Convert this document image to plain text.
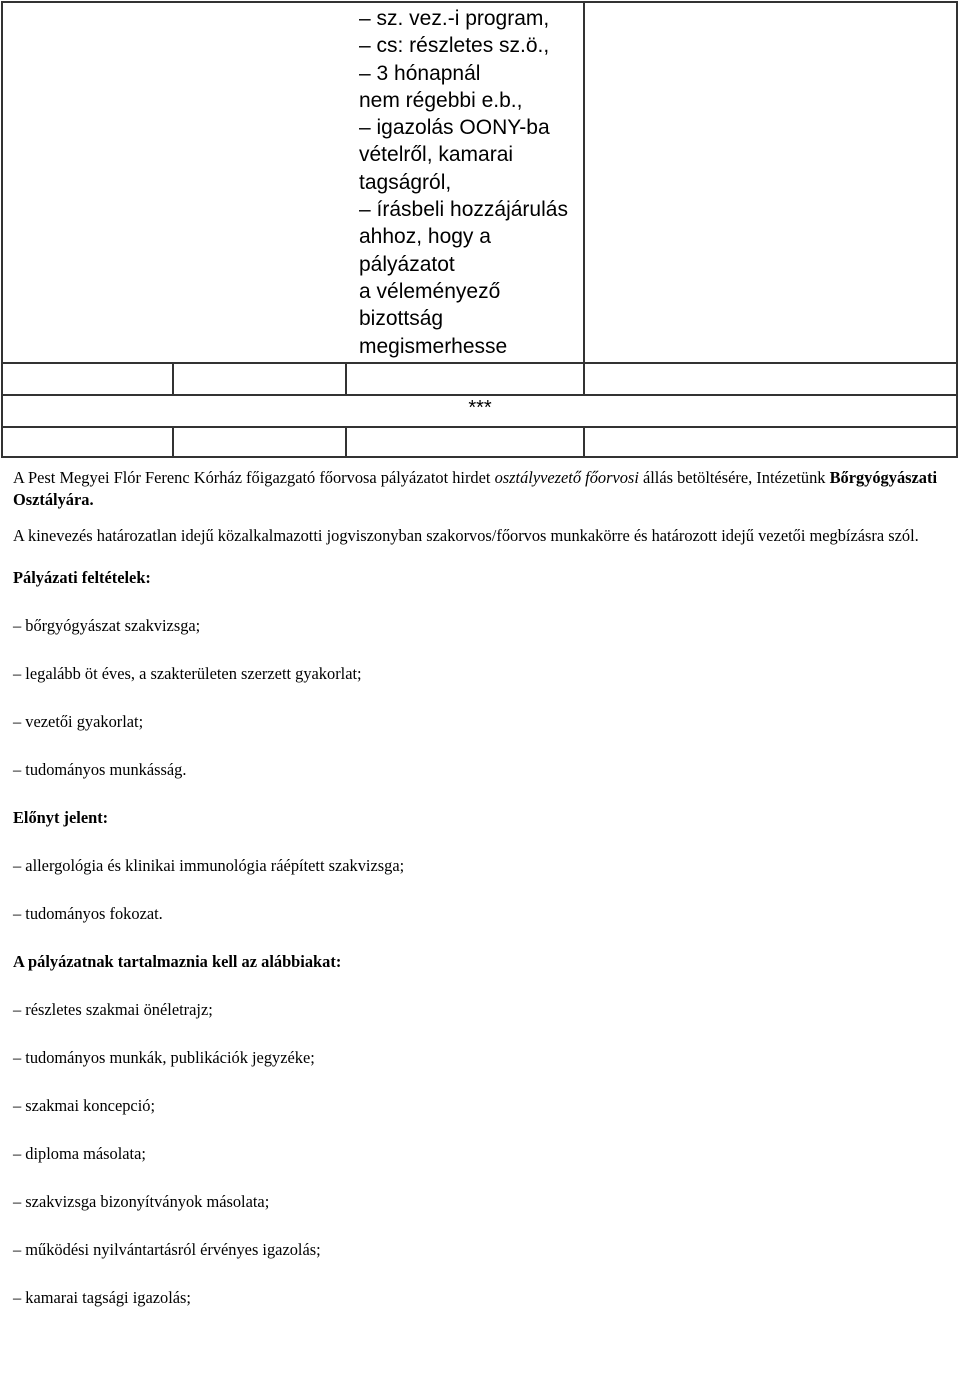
– sz. vez.-i program,
– cs: részletes sz.ö.,
– 3 hónapnál
nem régebbi e.b.,
– igazolás OONY-ba
vételről, kamarai
tagságról,
– írásbeli hozzájárulás
ahhoz, hogy a
pályázatot
a véleményező
bizottság
megismerhesse
***

A Pest Megyei Flór Ferenc Kórház főigazgató főorvosa pályázatot hirdet osztályvezető főorvosi állás betöltésére, Intézetünk Bőrgyógyászati Osztályára.

A kinevezés határozatlan idejű közalkalmazotti jogviszonyban szakorvos/főorvos munkakörre és határozott idejű vezetői megbízásra szól.

Pályázati feltételek:

– bőrgyógyászat szakvizsga;

– legalább öt éves, a szakterületen szerzett gyakorlat;

– vezetői gyakorlat;

– tudományos munkásság.

Előnyt jelent:

– allergológia és klinikai immunológia ráépített szakvizsga;

– tudományos fokozat.

A pályázatnak tartalmaznia kell az alábbiakat:

– részletes szakmai önéletrajz;

– tudományos munkák, publikációk jegyzéke;

– szakmai koncepció;

– diploma másolata;

– szakvizsga bizonyítványok másolata;

– működési nyilvántartásról érvényes igazolás;

– kamarai tagsági igazolás;
